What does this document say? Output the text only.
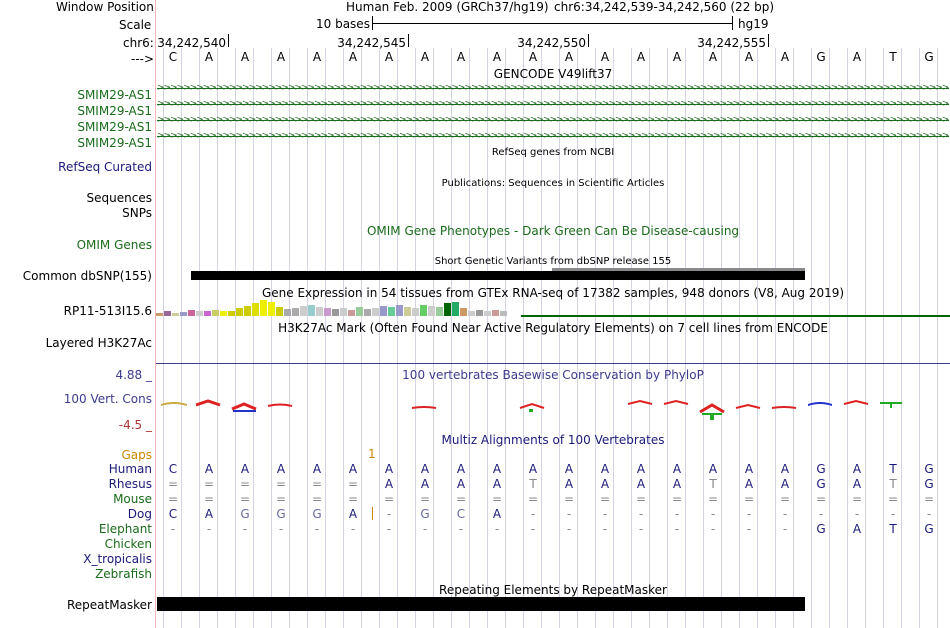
Window Position	Human Feb. 2009 (GRCh37/hg19) chr6:34,242,539-34,242,560 (22 bp)
Scale	10 bases	hg19
chr6:
--->
34,242,540	34,242,545	34,242,550	34,242,555
C	A	A	A	A	A	A	A	A	A	A	A	A	A	A	A	A	A	G	A	T	G
SMIM29-AS1
SMIM29-AS1
SMIM29-AS1
SMIM29-AS1
RefSeq Curated
Sequences
SNPs
OMIM Genes
Common dbSNP(155)
RP11-513I15.6
Layered H3K27Ac
4.88 _
100 Vert. Cons
-4.5 _
Gaps
RepeatMasker
Human
Rhesus
Mouse
Dog
Elephant
Chicken
X_tropicalis
Zebrafish
GENCODE V49lift37
>>>>>>>>>>>>>>>>>>>>>>>>>>>>>>>>>>>>>>>>>>>>>>>>>>>>>>>>>>>>>>>>>>>>>>>>>>>>>>>>>>>>>>>>>>>>>>>>>>>>>>>>>>>>>>>>>>>>>>>>>>>>>>>>>>>>>>>>>>>>>>>>>>>>>>>>>>>>>>>>>>>>>>>>>>>>>>>>>>>>>>>>>>>>>>>>>>>>>
>>>>>>>>>>>>>>>>>>>>>>>>>>>>>>>>>>>>>>>>>>>>>>>>>>>>>>>>>>>>>>>>>>>>>>>>>>>>>>>>>>>>>>>>>>>>>>>>>>>>>>>>>>>>>>>>>>>>>>>>>>>>>>>>>>>>>>>>>>>>>>>>>>>>>>>>>>>>>>>>>>>>>>>>>>>>>>>>>>>>>>>>>>>>>>>>>>>>>
>>>>>>>>>>>>>>>>>>>>>>>>>>>>>>>>>>>>>>>>>>>>>>>>>>>>>>>>>>>>>>>>>>>>>>>>>>>>>>>>>>>>>>>>>>>>>>>>>>>>>>>>>>>>>>>>>>>>>>>>>>>>>>>>>>>>>>>>>>>>>>>>>>>>>>>>>>>>>>>>>>>>>>>>>>>>>>>>>>>>>>>>>>>>>>>>>>>>>
>>>>>>>>>>>>>>>>>>>>>>>>>>>>>>>>>>>>>>>>>>>>>>>>>>>>>>>>>>>>>>>>>>>>>>>>>>>>>>>>>>>>>>>>>>>>>>>>>>>>>>>>>>>>>>>>>>>>>>>>>>>>>>>>>>>>>>>>>>>>>>>>>>>>>>>>>>>>>>>>>>>>>>>>>>>>>>>>>>>>>>>>>>>>>>>>>>>>>
RefSeq genes from NCBI
Publications: Sequences in Scientific Articles
OMIM Gene Phenotypes - Dark Green Can Be Disease-causing
Short Genetic Variants from dbSNP release 155
Gene Expression in 54 tissues from GTEx RNA-seq of 17382 samples, 948 donors (V8, Aug 2019)
H3K27Ac Mark (Often Found Near Active Regulatory Elements) on 7 cell lines from ENCODE
100 vertebrates Basewise Conservation by PhyloP
Multiz Alignments of 100 Vertebrates
1
C	A	A	A	A	A	A	A	A	A	A	A	A	A	A	A	A	A	G	A	T	G
=	=	=	=	=	=	A	A	A	A	T	A	A	A	A	T	A	A	G	A	T	G
=	=	=	=	=	=	=	=	=	=	=	=	=	=	=	=	=	=	=	=	=	=
C	A	G	G	G	A	-	G	C	A	-	-	-	-	-	-	-	-	-	-	-	-
-	-	-	-	-	-	-	-	-	-	-	-	-	-	-	-	-	-	G	A	T	G
Repeating Elements by RepeatMasker
